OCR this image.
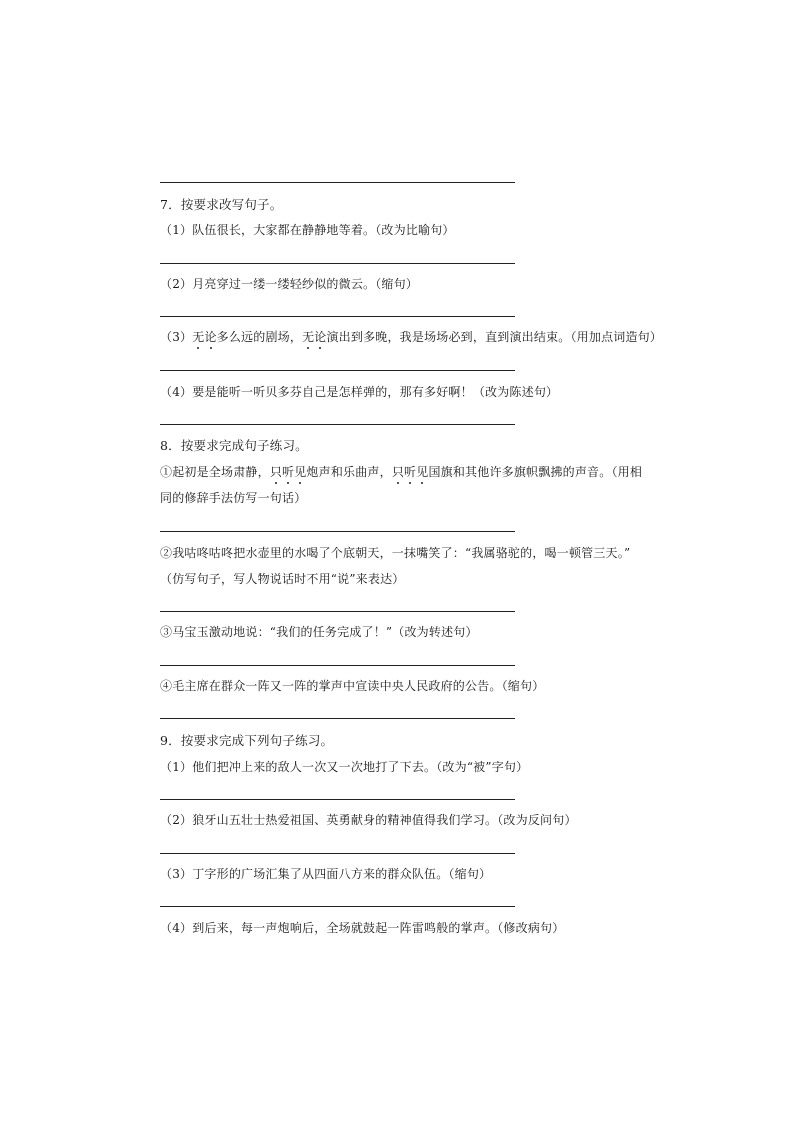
7．按要求改写句子。
（1）队伍很长，大家都在静静地等着。（改为比喻句）
（2）月亮穿过一缕一缕轻纱似的微云。（缩句）
（3）无论多么远的剧场，无论演出到多晚，我是场场必到，直到演出结束。（用加点词造句）
（4）要是能听一听贝多芬自己是怎样弹的，那有多好啊！（改为陈述句）
8．按要求完成句子练习。
①起初是全场肃静，只听见炮声和乐曲声，只听见国旗和其他许多旗帜飘拂的声音。（用相
同的修辞手法仿写一句话）
②我咕咚咕咚把水壶里的水喝了个底朝天，一抹嘴笑了：“我属骆驼的，喝一顿管三天。”
（仿写句子，写人物说话时不用“说”来表达）
③马宝玉激动地说：“我们的任务完成了！”（改为转述句）
④毛主席在群众一阵又一阵的掌声中宣读中央人民政府的公告。（缩句）
9．按要求完成下列句子练习。
（1）他们把冲上来的敌人一次又一次地打了下去。（改为“被”字句）
（2）狼牙山五壮士热爱祖国、英勇献身的精神值得我们学习。（改为反问句）
（3）丁字形的广场汇集了从四面八方来的群众队伍。（缩句）
（4）到后来，每一声炮响后，全场就鼓起一阵雷鸣般的掌声。（修改病句）
